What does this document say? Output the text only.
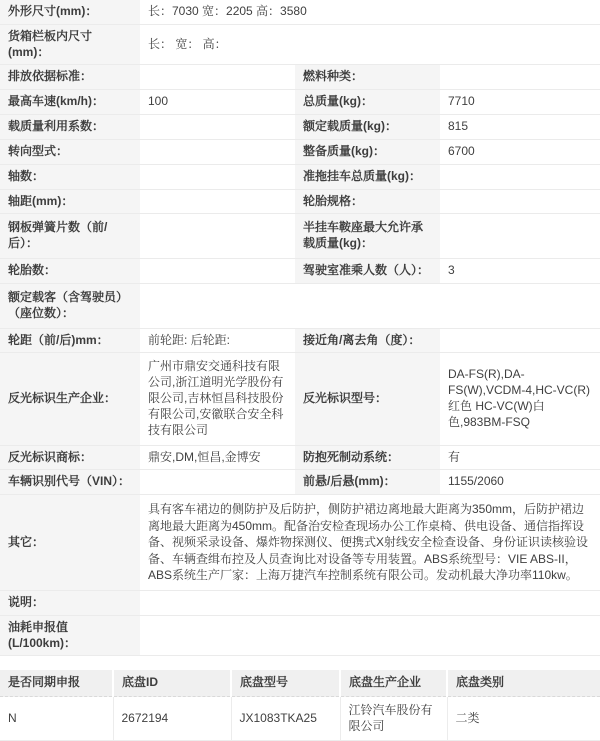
外形尺寸(mm)：	长：7030 宽：2205 高：3580		
货箱栏板内尺寸(mm)：	长： 宽： 高：		
排放依据标准：		燃料种类：	
最高车速(km/h)：	100	总质量(kg)：	7710
载质量利用系数：		额定载质量(kg)：	815
转向型式：		整备质量(kg)：	6700
轴数：		准拖挂车总质量(kg)：	
轴距(mm)：		轮胎规格：	
钢板弹簧片数（前/后）：		半挂车鞍座最大允许承载质量(kg)：	
轮胎数：		驾驶室准乘人数（人）：	3
额定载客（含驾驶员）（座位数）：			
轮距（前/后)mm：	前轮距: 后轮距:	接近角/离去角（度）：	
反光标识生产企业：	广州市鼎安交通科技有限公司,浙江道明光学股份有限公司,吉林恒昌科技股份有限公司,安徽联合安全科技有限公司	反光标识型号：	DA-FS(R),DA-FS(W),VCDM-4,HC-VC(R)红色 HC-VC(W)白色,983BM-FSQ
反光标识商标：	鼎安,DM,恒昌,金博安	防抱死制动系统：	有
车辆识别代号（VIN）：		前悬/后悬(mm)：	1155/2060
其它：	具有客车裙边的侧防护及后防护，侧防护裙边离地最大距离为350mm，后防护裙边离地最大距离为450mm。配备治安检查现场办公工作桌椅、供电设备、通信指挥设备、视频采录设备、爆炸物探测仪、便携式X射线安全检查设备、身份证识读核验设备、车辆查缉布控及人员查询比对设备等专用装置。ABS系统型号：VIE ABS-II，ABS系统生产厂家：上海万捷汽车控制系统有限公司。发动机最大净功率110kw。		
说明：			
油耗申报值(L/100km)：			
是否同期申报	底盘ID	底盘型号	底盘生产企业	底盘类别
N	2672194	JX1083TKA25	江铃汽车股份有限公司	二类
